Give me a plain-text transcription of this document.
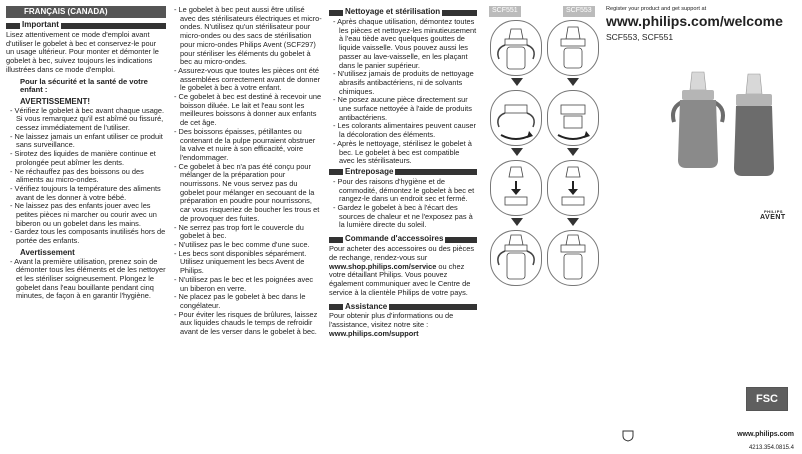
FRANÇAIS (CANADA)
Important

Lisez attentivement ce mode d'emploi avant d'utiliser le gobelet à bec et conservez-le pour un usage ultérieur. Pour monter et démonter le gobelet à bec, suivez toujours les indications illustrées dans ce mode d'emploi.

Pour la sécurité et la santé de votre enfant :

AVERTISSEMENT!

- Vérifiez le gobelet à bec avant chaque usage. Si vous remarquez qu'il est abîmé ou fissuré, cessez immédiatement de l'utiliser.
- Ne laissez jamais un enfant utiliser ce produit sans surveillance.
- Sirotez des liquides de manière continue et prolongée peut abîmer les dents.
- Ne réchauffez pas des boissons ou des aliments au micro-ondes.
- Vérifiez toujours la température des aliments avant de les donner à votre bébé.
- Ne laissez pas des enfants jouer avec les petites pièces ni marcher ou courir avec un biberon ou un gobelet dans les mains.
- Gardez tous les composants inutilisés hors de portée des enfants.

Avertissement

- Avant la première utilisation, prenez soin de démonter tous les éléments et de les nettoyer et les stériliser soigneusement. Plongez le gobelet dans l'eau bouillante pendant cinq minutes, de façon à en garantir l'hygiène.
- Le gobelet à bec peut aussi être utilisé avec des stérilisateurs électriques et micro-ondes. N'utilisez qu'un stérilisateur pour micro-ondes ou des sacs de stérilisation pour micro-ondes Philips Avent (SCF297) pour stériliser les éléments du gobelet à bec au micro-ondes.
- Assurez-vous que toutes les pièces ont été assemblées correctement avant de donner le gobelet à bec à votre enfant.
- Ce gobelet à bec est destiné à recevoir une boisson diluée. Le lait et l'eau sont les meilleures boissons à donner aux enfants de cet âge.
- Des boissons épaisses, pétillantes ou contenant de la pulpe pourraient obstruer la valve et nuire à son efficacité, voire l'endommager.
- Ce gobelet à bec n'a pas été conçu pour mélanger de la préparation pour nourrissons. Ne vous servez pas du gobelet pour mélanger en secouant de la préparation en poudre pour nourrissons, car vous risqueriez de boucher les trous et de provoquer des fuites.
- Ne serrez pas trop fort le couvercle du gobelet à bec.
- N'utilisez pas le bec comme d'une suce.
- Les becs sont disponibles séparément. Utilisez uniquement les becs Avent de Philips.
- N'utilisez pas le bec et les poignées avec un biberon en verre.
- Ne placez pas le gobelet à bec dans le congélateur.
- Pour éviter les risques de brûlures, laissez aux liquides chauds le temps de refroidir avant de les verser dans le gobelet à bec.
Nettoyage et stérilisation
- Après chaque utilisation, démontez toutes les pièces et nettoyez-les minutieusement à l'eau tiède avec quelques gouttes de liquide vaisselle. Vous pouvez aussi les passer au lave-vaisselle, en les plaçant dans le panier supérieur.
- N'utilisez jamais de produits de nettoyage abrasifs antibactériens, ni de solvants chimiques.
- Ne posez aucune pièce directement sur une surface nettoyée à l'aide de produits antibactériens.
- Les colorants alimentaires peuvent causer la décoloration des éléments.
- Après le nettoyage, stérilisez le gobelet à bec. Le gobelet à bec est compatible avec les stérilisateurs.
Entreposage
- Pour des raisons d'hygiène et de commodité, démontez le gobelet à bec et rangez-le dans un endroit sec et fermé.
- Gardez le gobelet à bec à l'écart des sources de chaleur et ne l'exposez pas à la lumière directe du soleil.
Commande d'accessoires

Pour acheter des accessoires ou des pièces de rechange, rendez-vous sur www.shop.philips.com/service ou chez votre détaillant Philips. Vous pouvez également communiquer avec le Centre de service à la clientèle Philips de votre pays.

Assistance

Pour obtenir plus d'informations ou de l'assistance, visitez notre site :

www.philips.com/support

SCF551	SCF553	Register your product and get support at

www.philips.com/welcome

SCF553, SCF551

PHILIPS
AVENT
FSC
www.philips.com
4213.354.0815.4
